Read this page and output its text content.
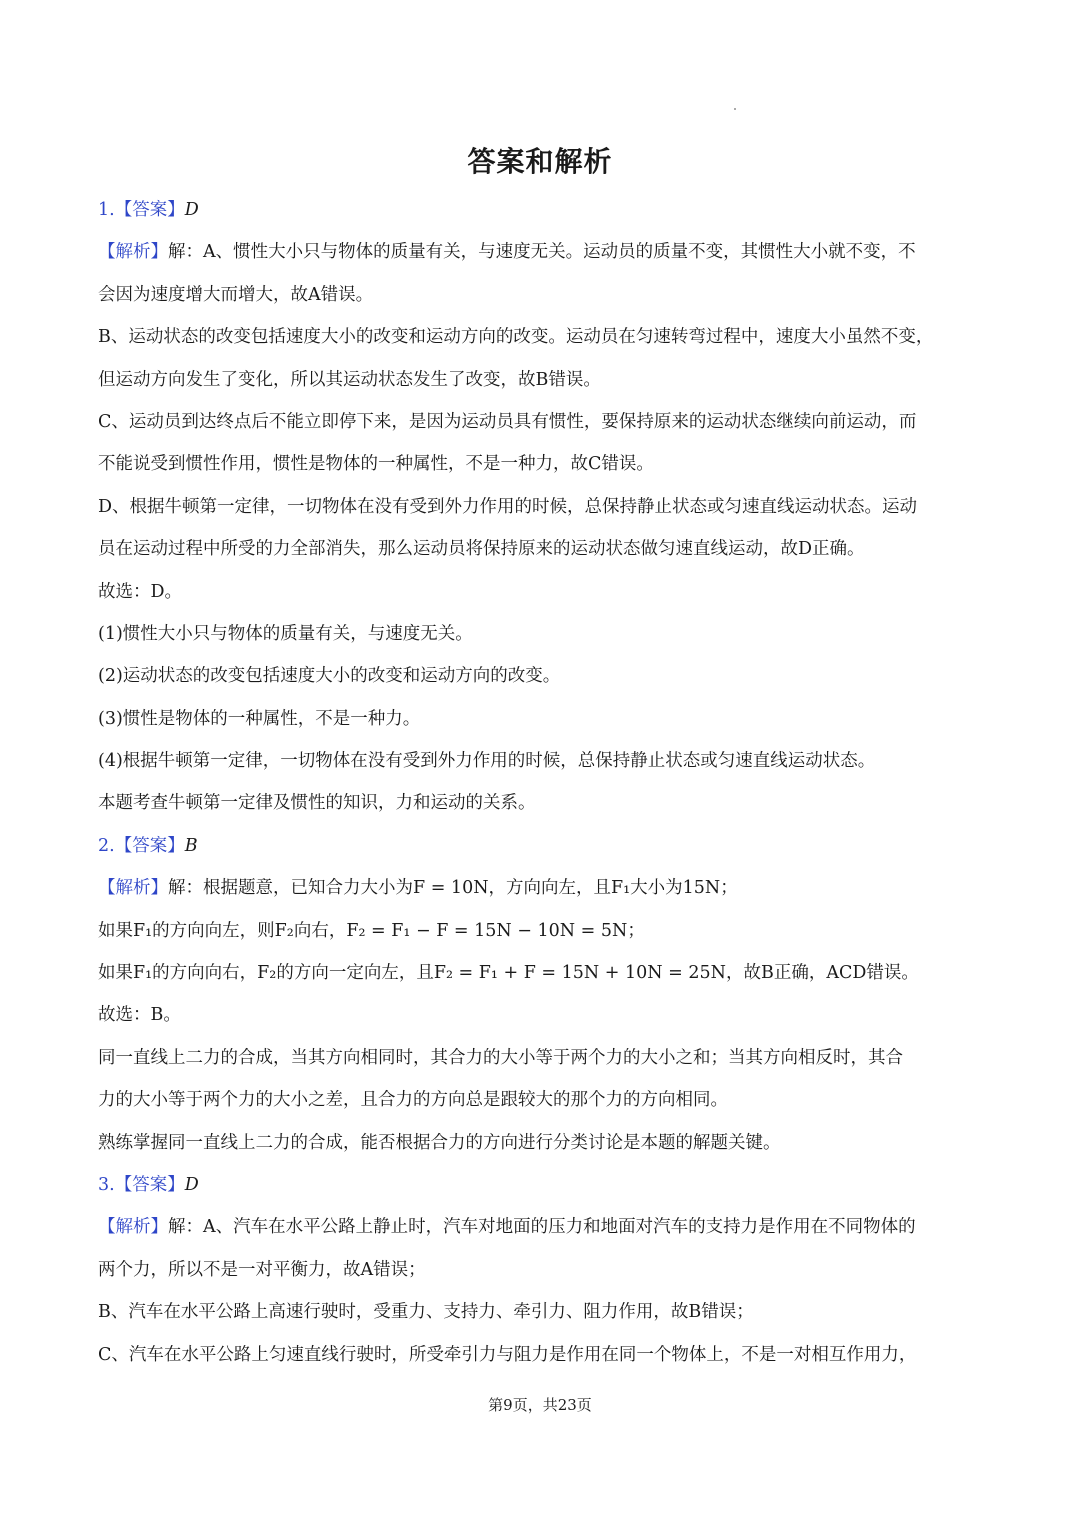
答案和解析
1.【答案】D
【解析】解：A、惯性大小只与物体的质量有关，与速度无关。运动员的质量不变，其惯性大小就不变，不
会因为速度增大而增大，故A错误。
B、运动状态的改变包括速度大小的改变和运动方向的改变。运动员在匀速转弯过程中，速度大小虽然不变，
但运动方向发生了变化，所以其运动状态发生了改变，故B错误。
C、运动员到达终点后不能立即停下来，是因为运动员具有惯性，要保持原来的运动状态继续向前运动，而
不能说受到惯性作用，惯性是物体的一种属性，不是一种力，故C错误。
D、根据牛顿第一定律，一切物体在没有受到外力作用的时候，总保持静止状态或匀速直线运动状态。运动
员在运动过程中所受的力全部消失，那么运动员将保持原来的运动状态做匀速直线运动，故D正确。
故选：D。
(1)惯性大小只与物体的质量有关，与速度无关。
(2)运动状态的改变包括速度大小的改变和运动方向的改变。
(3)惯性是物体的一种属性，不是一种力。
(4)根据牛顿第一定律，一切物体在没有受到外力作用的时候，总保持静止状态或匀速直线运动状态。
本题考查牛顿第一定律及惯性的知识，力和运动的关系。
2.【答案】B
【解析】解：根据题意，已知合力大小为F = 10N，方向向左，且F₁大小为15N；
如果F₁的方向向左，则F₂向右，F₂ = F₁ − F = 15N − 10N = 5N；
如果F₁的方向向右，F₂的方向一定向左，且F₂ = F₁ + F = 15N + 10N = 25N，故B正确，ACD错误。
故选：B。
同一直线上二力的合成，当其方向相同时，其合力的大小等于两个力的大小之和；当其方向相反时，其合
力的大小等于两个力的大小之差，且合力的方向总是跟较大的那个力的方向相同。
熟练掌握同一直线上二力的合成，能否根据合力的方向进行分类讨论是本题的解题关键。
3.【答案】D
【解析】解：A、汽车在水平公路上静止时，汽车对地面的压力和地面对汽车的支持力是作用在不同物体的
两个力，所以不是一对平衡力，故A错误；
B、汽车在水平公路上高速行驶时，受重力、支持力、牵引力、阻力作用，故B错误；
C、汽车在水平公路上匀速直线行驶时，所受牵引力与阻力是作用在同一个物体上，不是一对相互作用力，
第9页，共23页
